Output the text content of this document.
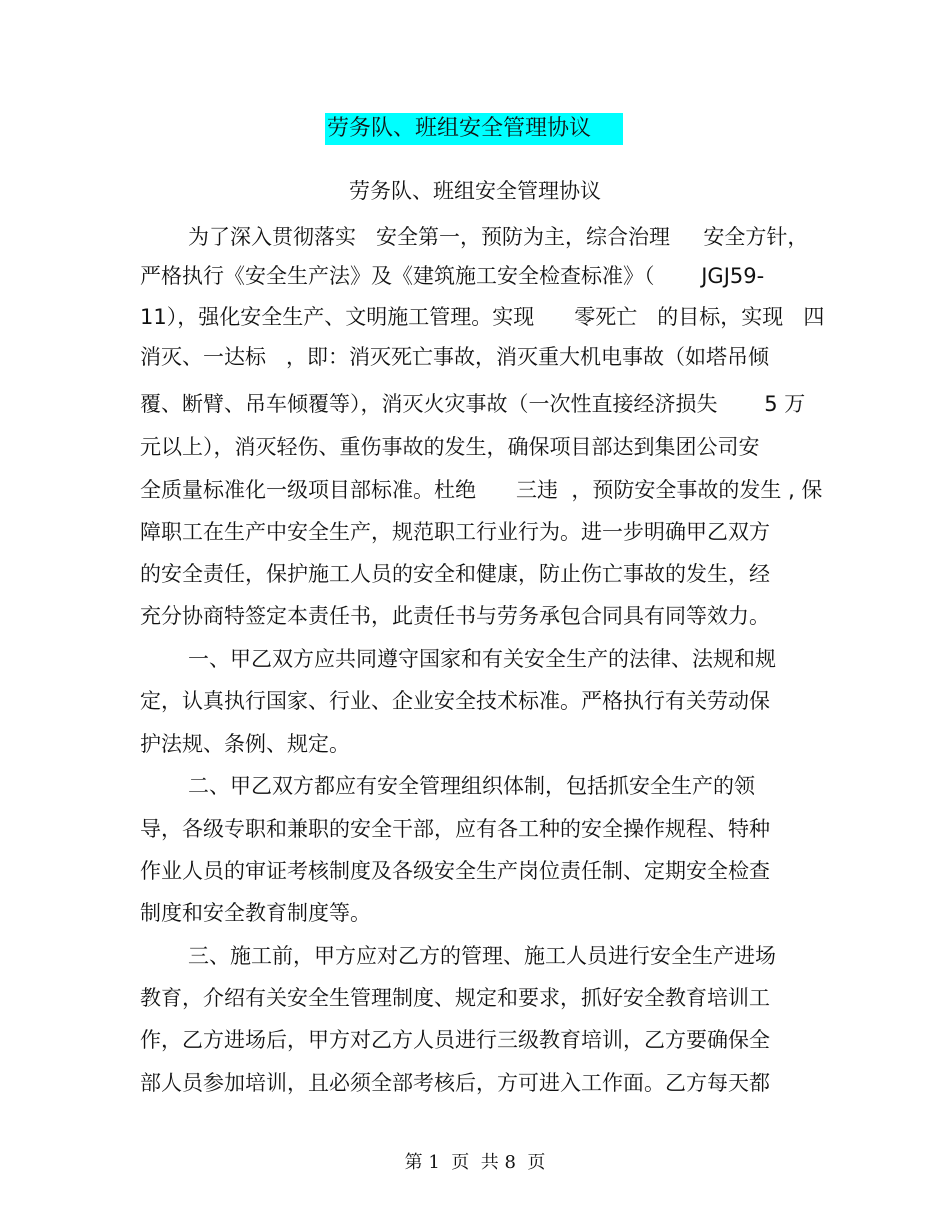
劳务队、班组安全管理协议
劳务队、班组安全管理协议
为了深入贯彻落实   安全第一，预防为主，综合治理     安全方针，
严格执行《安全生产法》及《建筑施工安全检查标准》（       JGJ59-
11），强化安全生产、文明施工管理。实现      零死亡   的目标，实现   四
消灭、一达标   ，即：消灭死亡事故，消灭重大机电事故（如塔吊倾
覆、断臂、吊车倾覆等），消灭火灾事故（一次性直接经济损失       5 万
元以上），消灭轻伤、重伤事故的发生，确保项目部达到集团公司安
全质量标准化一级项目部标准。杜绝      三违  ，预防安全事故的发生 , 保
障职工在生产中安全生产，规范职工行业行为。进一步明确甲乙双方
的安全责任，保护施工人员的安全和健康，防止伤亡事故的发生，经
充分协商特签定本责任书，此责任书与劳务承包合同具有同等效力。
一、甲乙双方应共同遵守国家和有关安全生产的法律、法规和规
定，认真执行国家、行业、企业安全技术标准。严格执行有关劳动保
护法规、条例、规定。
二、甲乙双方都应有安全管理组织体制，包括抓安全生产的领
导，各级专职和兼职的安全干部，应有各工种的安全操作规程、特种
作业人员的审证考核制度及各级安全生产岗位责任制、定期安全检查
制度和安全教育制度等。
三、施工前，甲方应对乙方的管理、施工人员进行安全生产进场
教育，介绍有关安全生管理制度、规定和要求，抓好安全教育培训工
作，乙方进场后，甲方对乙方人员进行三级教育培训，乙方要确保全
部人员参加培训，且必须全部考核后，方可进入工作面。乙方每天都
第 1  页  共 8  页
